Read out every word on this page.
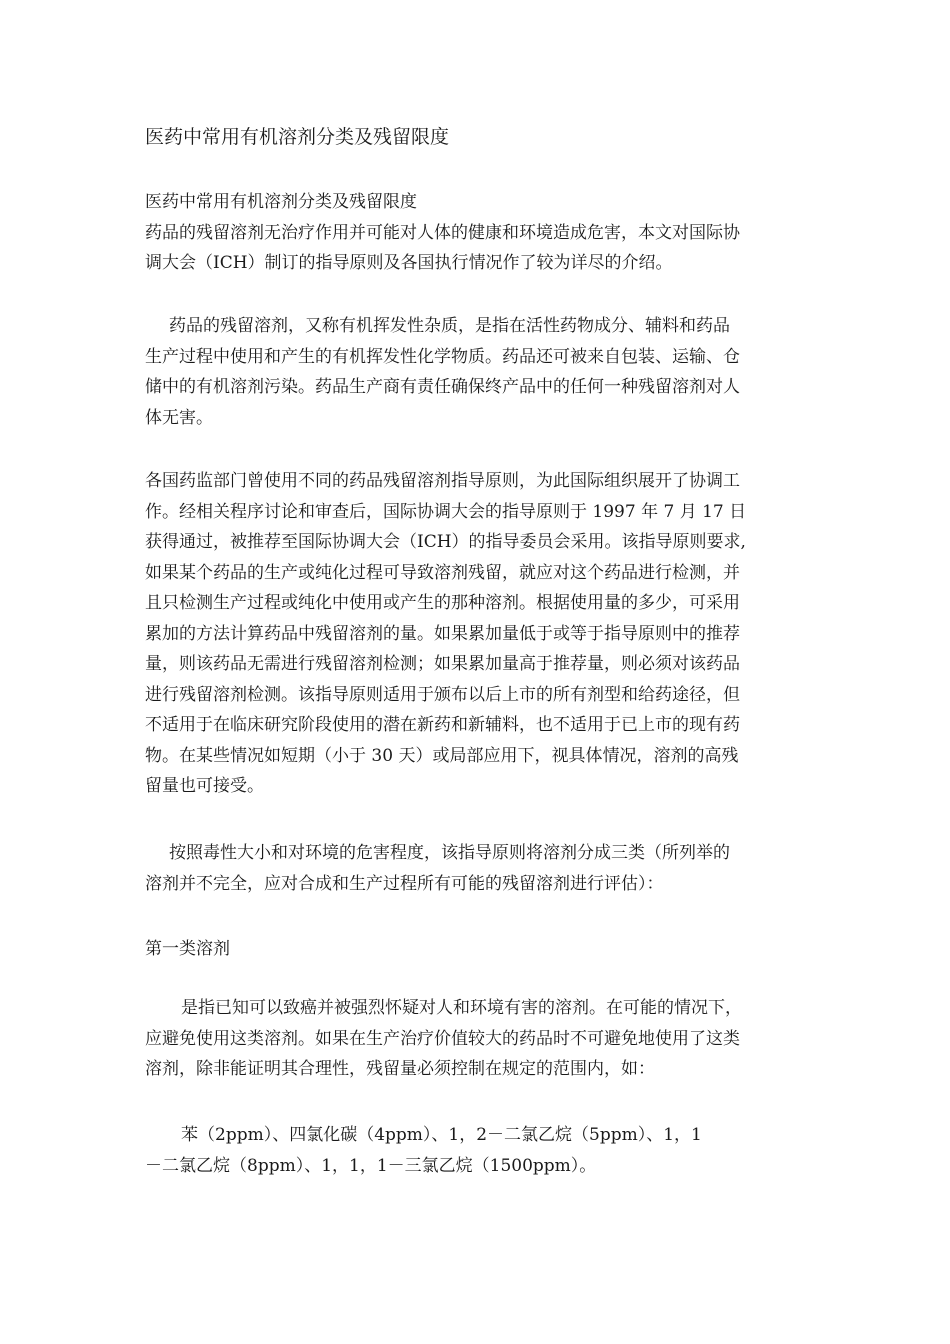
医药中常用有机溶剂分类及残留限度

医药中常用有机溶剂分类及残留限度
药品的残留溶剂无治疗作用并可能对人体的健康和环境造成危害，本文对国际协
调大会（ICH）制订的指导原则及各国执行情况作了较为详尽的介绍。

药品的残留溶剂，又称有机挥发性杂质，是指在活性药物成分、辅料和药品
生产过程中使用和产生的有机挥发性化学物质。药品还可被来自包装、运输、仓
储中的有机溶剂污染。药品生产商有责任确保终产品中的任何一种残留溶剂对人
体无害。

各国药监部门曾使用不同的药品残留溶剂指导原则，为此国际组织展开了协调工
作。经相关程序讨论和审查后，国际协调大会的指导原则于 1997 年 7 月 17 日
获得通过，被推荐至国际协调大会（ICH）的指导委员会采用。该指导原则要求,
如果某个药品的生产或纯化过程可导致溶剂残留，就应对这个药品进行检测，并
且只检测生产过程或纯化中使用或产生的那种溶剂。根据使用量的多少，可采用
累加的方法计算药品中残留溶剂的量。如果累加量低于或等于指导原则中的推荐
量，则该药品无需进行残留溶剂检测；如果累加量高于推荐量，则必须对该药品
进行残留溶剂检测。该指导原则适用于颁布以后上市的所有剂型和给药途径，但
不适用于在临床研究阶段使用的潜在新药和新辅料，也不适用于已上市的现有药
物。在某些情况如短期（小于 30 天）或局部应用下，视具体情况，溶剂的高残
留量也可接受。

按照毒性大小和对环境的危害程度，该指导原则将溶剂分成三类（所列举的
溶剂并不完全，应对合成和生产过程所有可能的残留溶剂进行评估）：

第一类溶剂

是指已知可以致癌并被强烈怀疑对人和环境有害的溶剂。在可能的情况下，
应避免使用这类溶剂。如果在生产治疗价值较大的药品时不可避免地使用了这类
溶剂，除非能证明其合理性，残留量必须控制在规定的范围内，如：

苯（2ppm）、四氯化碳（4ppm）、1，2－二氯乙烷（5ppm）、1，1
－二氯乙烷（8ppm）、1，1，1－三氯乙烷（1500ppm）。
